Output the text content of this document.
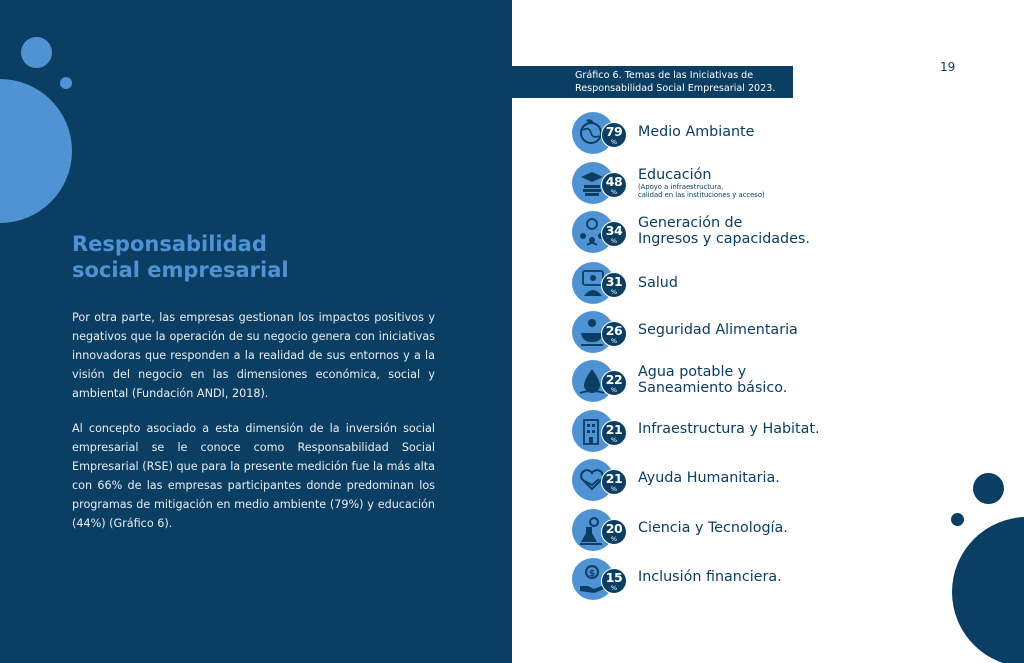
Responsabilidad
social empresarial

Por otra parte, las empresas gestionan los impactos positivos y negativos que la operación de su negocio genera con iniciativas innovadoras que responden a la realidad de sus entornos y a la visión del negocio en las dimensiones económica, social y ambiental (Fundación ANDI, 2018).

Al concepto asociado a esta dimensión de la inversión social empresarial se le conoce como Responsabilidad Social Empresarial (RSE) que para la presente medición fue la más alta con 66% de las empresas participantes donde predominan los programas de mitigación en medio ambiente (79%) y educación (44%) (Gráfico 6).

19
Gráfico 6. Temas de las Iniciativas de
Responsabilidad Social Empresarial 2023.
79
%
Medio Ambiante
48
%
Educación
(Apoyo a infraestructura,
calidad en las instituciones y acceso)
34
%
Generación de
Ingresos y capacidades.
31
%
Salud
26
%
Seguridad Alimentaria
22
%
Agua potable y
Saneamiento básico.
21
%
Infraestructura y Habitat.
21
%
Ayuda Humanitaria.
20
%
Ciencia y Tecnología.
$ 15
%
Inclusión financiera.
